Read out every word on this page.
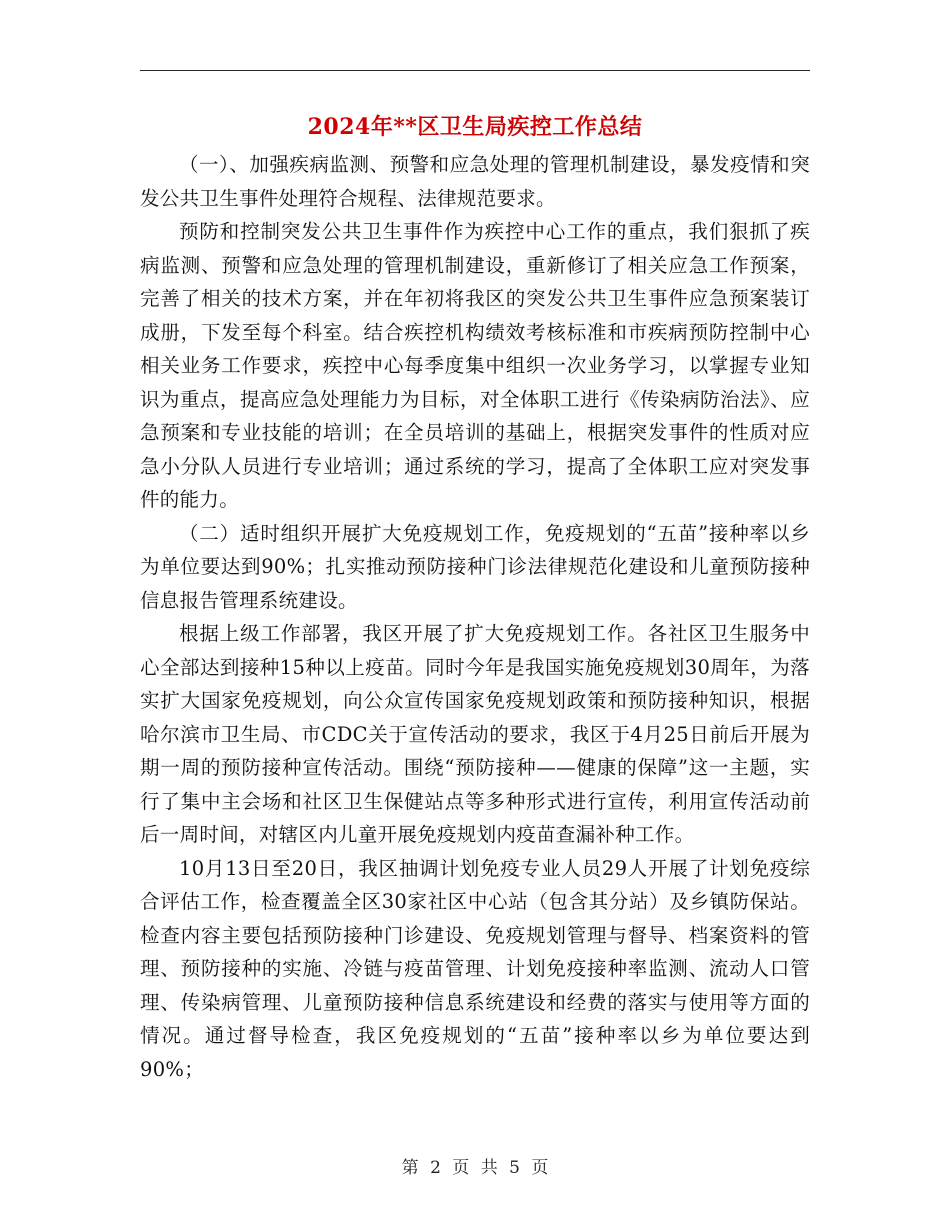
2024年**区卫生局疾控工作总结

（一）、加强疾病监测、预警和应急处理的管理机制建设，暴发疫情和突发公共卫生事件处理符合规程、法律规范要求。

预防和控制突发公共卫生事件作为疾控中心工作的重点，我们狠抓了疾病监测、预警和应急处理的管理机制建设，重新修订了相关应急工作预案，完善了相关的技术方案，并在年初将我区的突发公共卫生事件应急预案装订成册，下发至每个科室。结合疾控机构绩效考核标准和市疾病预防控制中心相关业务工作要求，疾控中心每季度集中组织一次业务学习，以掌握专业知识为重点，提高应急处理能力为目标，对全体职工进行《传染病防治法》、应急预案和专业技能的培训；在全员培训的基础上，根据突发事件的性质对应急小分队人员进行专业培训；通过系统的学习，提高了全体职工应对突发事件的能力。

（二）适时组织开展扩大免疫规划工作，免疫规划的“五苗”接种率以乡为单位要达到90%；扎实推动预防接种门诊法律规范化建设和儿童预防接种信息报告管理系统建设。

根据上级工作部署，我区开展了扩大免疫规划工作。各社区卫生服务中心全部达到接种15种以上疫苗。同时今年是我国实施免疫规划30周年，为落实扩大国家免疫规划，向公众宣传国家免疫规划政策和预防接种知识，根据哈尔滨市卫生局、市CDC关于宣传活动的要求，我区于4月25日前后开展为期一周的预防接种宣传活动。围绕“预防接种——健康的保障”这一主题，实行了集中主会场和社区卫生保健站点等多种形式进行宣传，利用宣传活动前后一周时间，对辖区内儿童开展免疫规划内疫苗查漏补种工作。

10月13日至20日，我区抽调计划免疫专业人员29人开展了计划免疫综合评估工作，检查覆盖全区30家社区中心站（包含其分站）及乡镇防保站。检查内容主要包括预防接种门诊建设、免疫规划管理与督导、档案资料的管理、预防接种的实施、冷链与疫苗管理、计划免疫接种率监测、流动人口管理、传染病管理、儿童预防接种信息系统建设和经费的落实与使用等方面的情况。通过督导检查，我区免疫规划的“五苗”接种率以乡为单位要达到90%；

第 2 页 共 5 页
